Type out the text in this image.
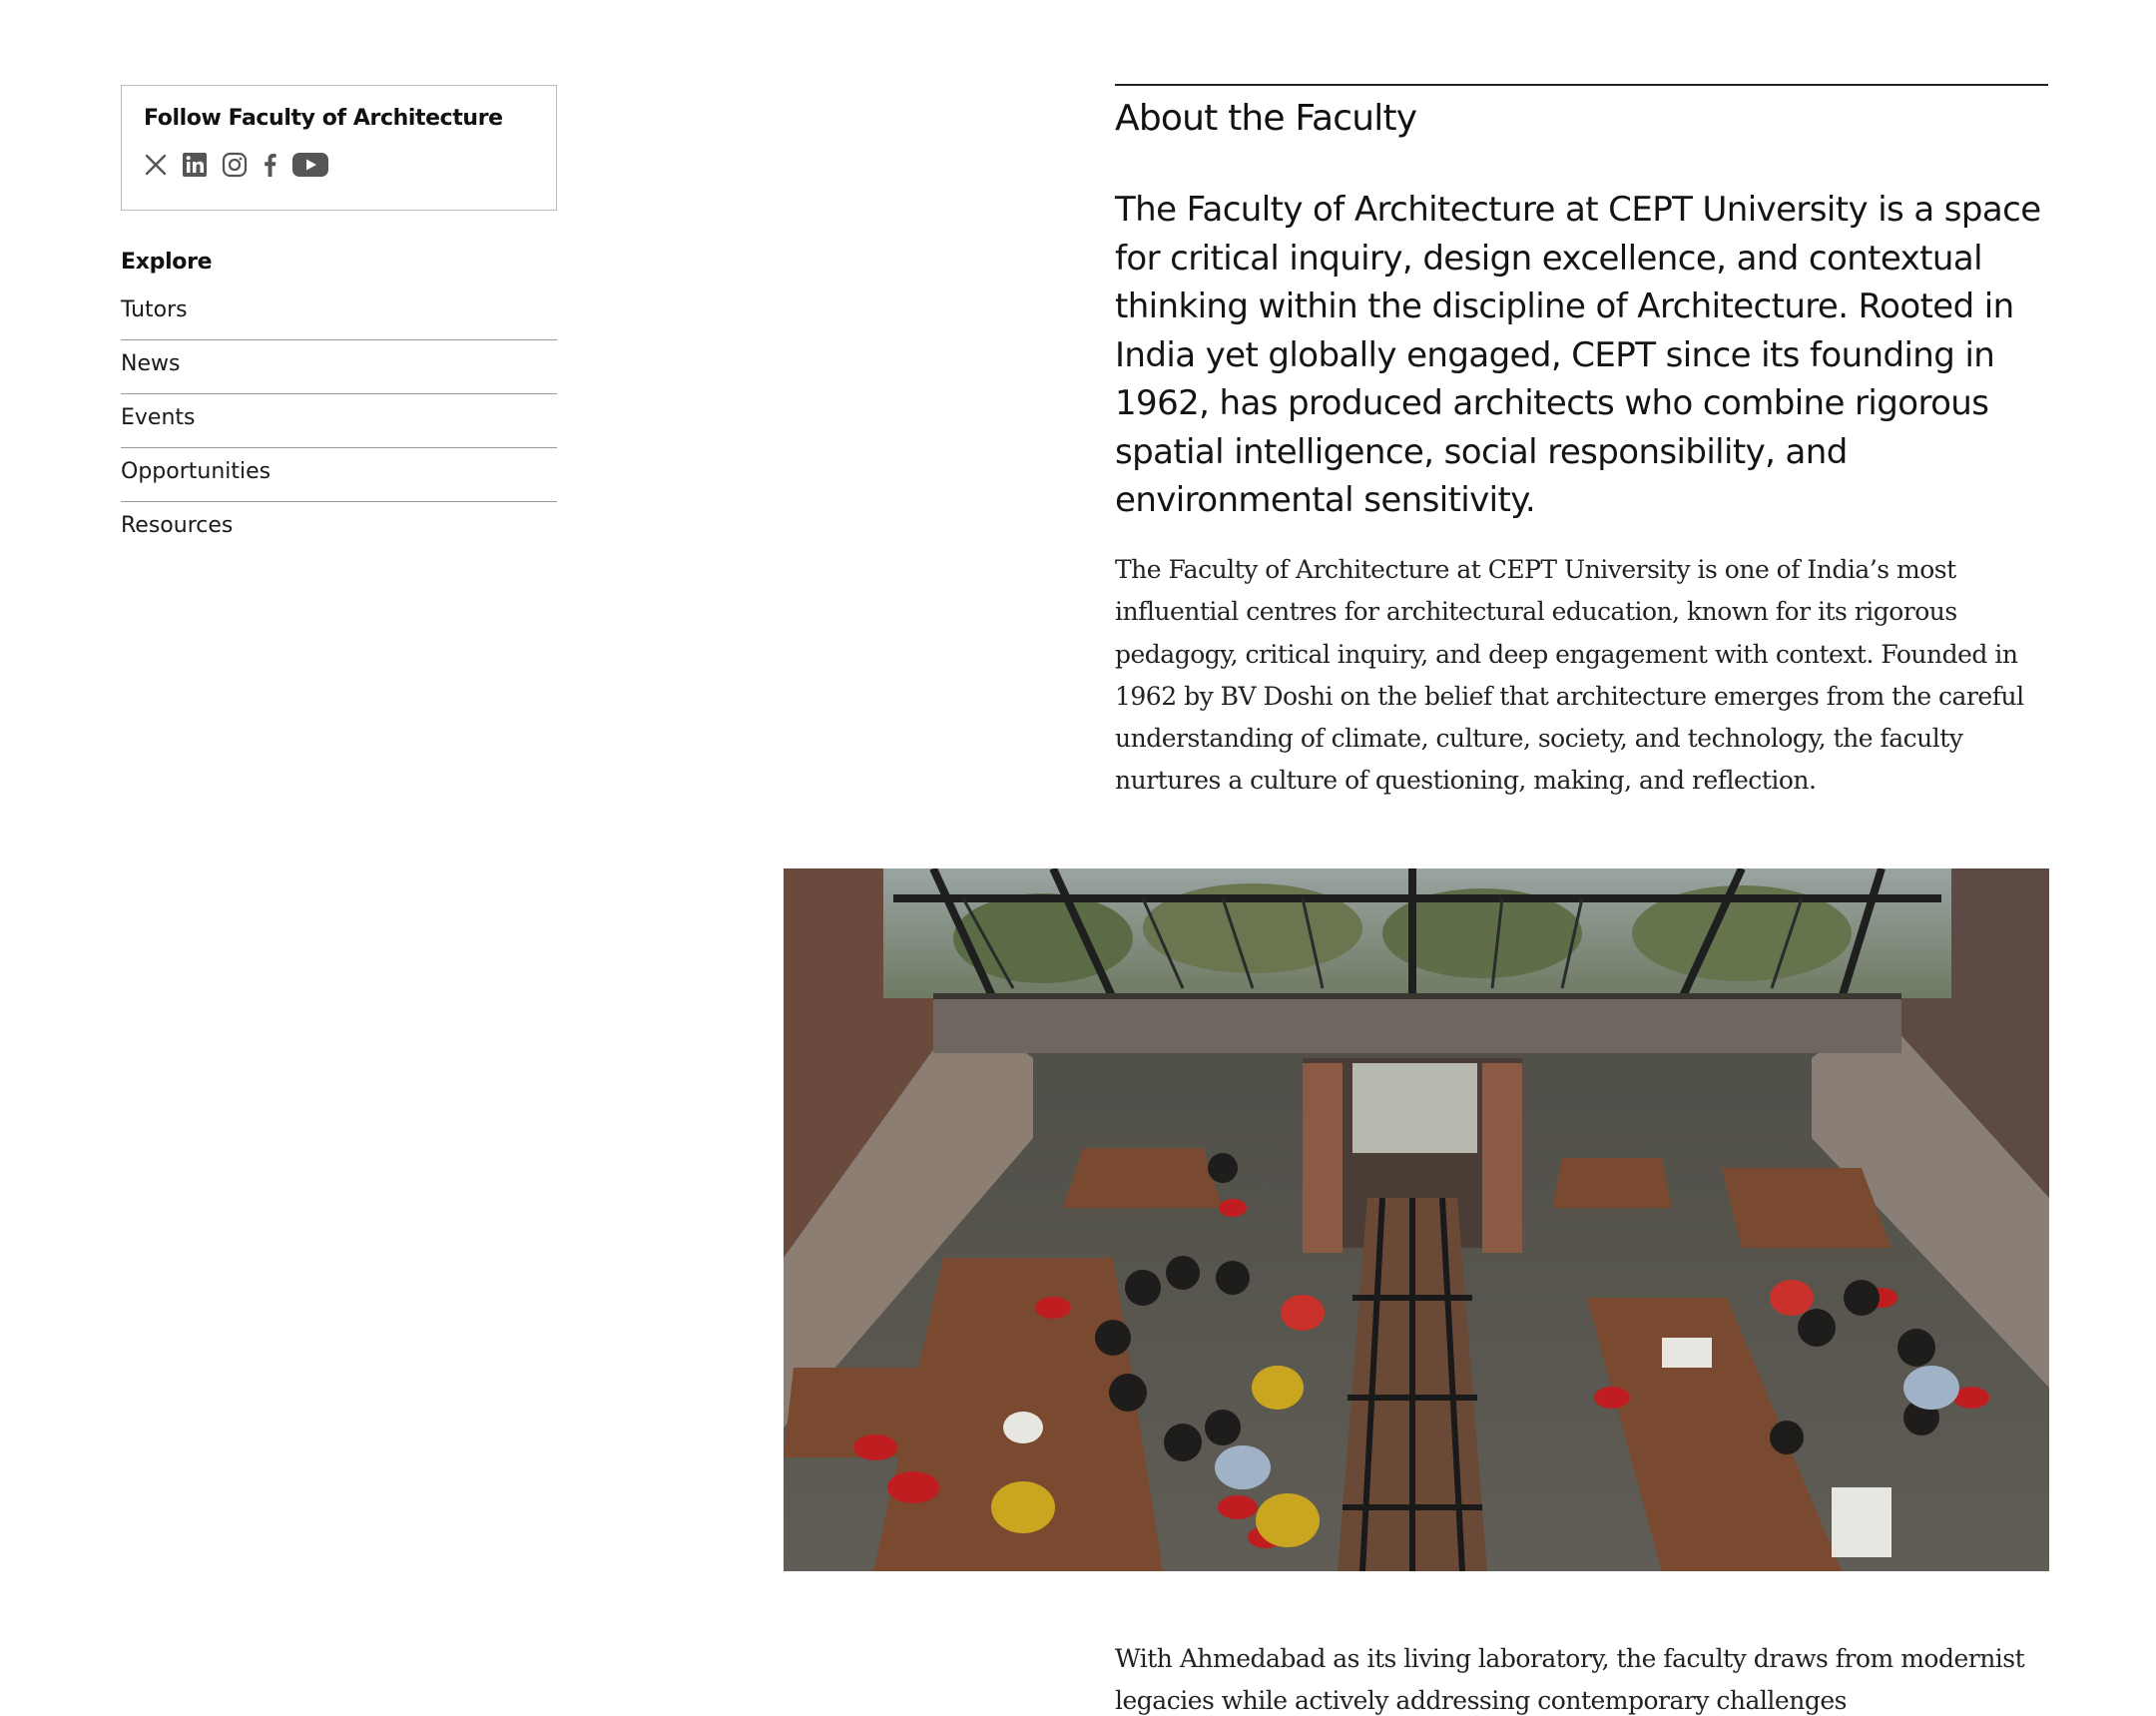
Follow Faculty of Architecture

Explore

Tutors
News
Events
Opportunities
Resources
About the Faculty

The Faculty of Architecture at CEPT University is a space for critical inquiry, design excellence, and contextual thinking within the discipline of Architecture. Rooted in India yet globally engaged, CEPT since its founding in 1962, has produced architects who combine rigorous spatial intelligence, social responsibility, and environmental sensitivity.

The Faculty of Architecture at CEPT University is one of India’s most influential centres for architectural education, known for its rigorous pedagogy, critical inquiry, and deep engagement with context. Founded in 1962 by BV Doshi on the belief that architecture emerges from the careful understanding of climate, culture, society, and technology, the faculty nurtures a culture of questioning, making, and reflection.

With Ahmedabad as its living laboratory, the faculty draws from modernist legacies while actively addressing contemporary challenges
